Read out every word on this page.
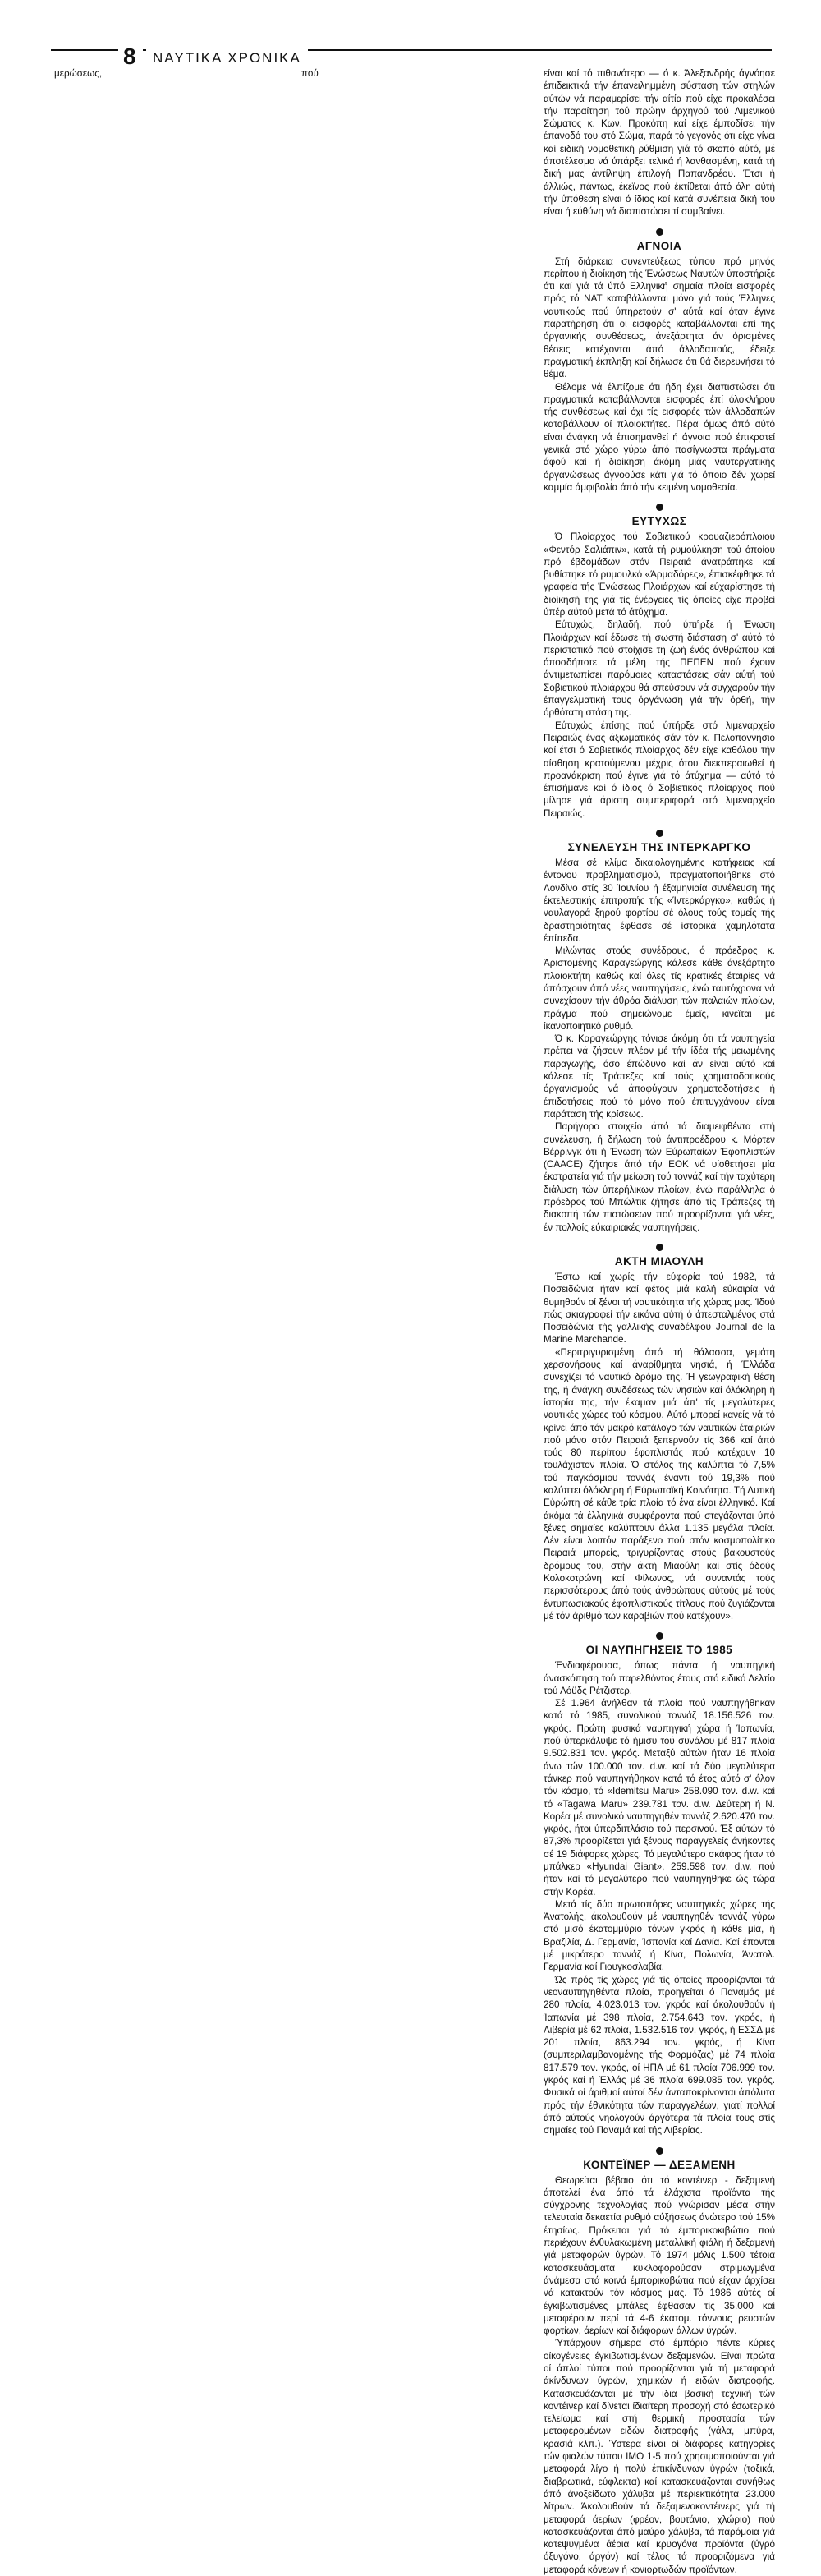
8	ΝΑΥΤΙΚΑ ΧΡΟΝΙΚΑ

μερώσεως,	πού	είναι καί τό πιθανότερο — ό κ. Άλεξανδρής άγνόησε έπιδεικτικά τήν έπανειλημμένη σύσταση τών στηλών αύτών νά παραμερίσει τήν αίτία πού είχε προκαλέσει τήν παραίτηση τού πρώην άρχηγού τού Λιμενικού Σώματος κ. Κων. Προκόπη καί είχε έμποδίσει τήν έπανοδό του στό Σώμα, παρά τό γεγονός ότι είχε γίνει καί ειδική νομοθετική ρύθμιση γιά τό σκοπό αύτό, μέ άποτέλεσμα νά ύπάρξει τελικά ή λανθασμένη, κατά τή δική μας άντίληψη έπιλογή Παπανδρέου. Έτσι ή άλλιώς, πάντως, έκεϊνος πού έκτίθεται άπό όλη αύτή τήν ύπόθεση είναι ό ίδιος καί κατά συνέπεια δική του είναι ή εύθύνη νά διαπιστώσει τί συμβαίνει.

ΑΓΝΟΙΑ

Στή διάρκεια συνεντεύξεως τύπου πρό μηνός περίπου ή διοίκηση τής Ένώσεως Ναυτών ύποστήριξε ότι καί γιά τά ύπό Ελληνική σημαία πλοία εισφορές πρός τό ΝΑΤ καταβάλλονται μόνο γιά τούς Έλληνες ναυτικούς πού ύπηρετούν σ' αύτά καί όταν έγινε παρατήρηση ότι οί εισφορές καταβάλλονται έπί τής όργανικής συνθέσεως, άνεξάρτητα άν όρισμένες θέσεις κατέχονται άπό άλλοδαπούς, έδειξε πραγματική έκπληξη καί δήλωσε ότι θά διερευνήσει τό θέμα.

Θέλομε νά έλπίζομε ότι ήδη έχει διαπιστώσει ότι πραγματικά καταβάλλονται εισφορές έπί όλοκλήρου τής συνθέσεως καί όχι τίς εισφορές τών άλλοδαπών καταβάλλουν οί πλοιοκτήτες. Πέρα όμως άπό αύτό είναι άνάγκη νά έπισημανθεί ή άγνοια πού έπικρατεί γενικά στό χώρο γύρω άπό πασίγνωστα πράγματα άφού καί ή διοίκηση άκόμη μιάς ναυτεργατικής όργανώσεως άγνοούσε κάτι γιά τό όποιο δέν χωρεί καμμία άμφιβολία άπό τήν κειμένη νομοθεσία.

ΕΥΤΥΧΩΣ

Ό Πλοίαρχος τού Σοβιετικού κρουαζιερόπλοιου «Φεντόρ Σαλιάπιν», κατά τή ρυμούλκηση τού όποίου πρό έβδομάδων στόν Πειραιά άνατράπηκε καί βυθίστηκε τό ρυμουλκό «Άρμαδόρες», έπισκέφθηκε τά γραφεία τής Ένώσεως Πλοιάρχων καί εύχαρίστησε τή διοίκησή της γιά τίς ένέργειες τίς όποίες είχε προβεί ύπέρ αύτού μετά τό άτύχημα.

Εύτυχώς, δηλαδή, πού ύπήρξε ή Ένωση Πλοιάρχων καί έδωσε τή σωστή διάσταση σ' αύτό τό περιστατικό πού στοίχισε τή ζωή ένός άνθρώπου καί όποσδήποτε τά μέλη τής ΠΕΠΕΝ πού έχουν άντιμετωπίσει παρόμοιες καταστάσεις σάν αύτή τού Σοβιετικού πλοιάρχου θά σπεύσουν νά συγχαρούν τήν έπαγγελματική τους όργάνωση γιά τήν όρθή, τήν όρθότατη στάση της.

Εύτυχώς έπίσης πού ύπήρξε στό λιμεναρχείο Πειραιώς ένας άξιωματικός σάν τόν κ. Πελοποννήσιο καί έτσι ό Σοβιετικός πλοίαρχος δέν είχε καθόλου τήν αίσθηση κρατούμενου μέχρις ότου διεκπεραιωθεί ή προανάκριση πού έγινε γιά τό άτύχημα — αύτό τό έπισήμανε καί ό ίδιος ό Σοβιετικός πλοίαρχος πού μίλησε γιά άριστη συμπεριφορά στό λιμεναρχείο Πειραιώς.

ΣΥΝΕΛΕΥΣΗ ΤΗΣ ΙΝΤΕΡΚΑΡΓΚΟ

Μέσα σέ κλίμα δικαιολογημένης κατήφειας καί έντονου προβληματισμού, πραγματοποιήθηκε στό Λονδίνο στίς 30 Ίουνίου ή έξαμηνιαία συνέλευση τής έκτελεστικής έπιτροπής τής «Ίντερκάργκο», καθώς ή ναυλαγορά ξηρού φορτίου σέ όλους τούς τομείς τής δραστηριότητας έφθασε σέ ίστορικά χαμηλότατα έπίπεδα.

Μιλώντας στούς συνέδρους, ό πρόεδρος κ. Άριστομένης Καραγεώργης κάλεσε κάθε άνεξάρτητο πλοιοκτήτη καθώς καί όλες τίς κρατικές έταιρίες νά άπόσχουν άπό νέες ναυπηγήσεις, ένώ ταυτόχρονα νά συνεχίσουν τήν άθρόα διάλυση τών παλαιών πλοίων, πράγμα πού σημειώνομε έμεϊς, κινεϊται μέ ίκανοποιητικό ρυθμό.

Ό κ. Καραγεώργης τόνισε άκόμη ότι τά ναυπηγεία πρέπει νά ζήσουν πλέον μέ τήν ίδέα τής μειωμένης παραγωγής, όσο έπώδυνο καί άν είναι αύτό καί κάλεσε τίς Τράπεζες καί τούς χρηματοδοτικούς όργανισμούς νά άποφύγουν χρηματοδοτήσεις ή έπιδοτήσεις πού τό μόνο πού έπιτυγχάνουν είναι παράταση τής κρίσεως.

Παρήγορο στοιχείο άπό τά διαμειφθέντα στή συνέλευση, ή δήλωση τού άντιπροέδρου κ. Μόρτεν Βέρρινγκ ότι ή Ένωση τών Εύρωπαίων Έφοπλιστών (CAACE) ζήτησε άπό τήν ΕΟΚ νά υίοθετήσει μία έκστρατεία γιά τήν μείωση τού τοννάζ καί τήν ταχύτερη διάλυση τών ύπερήλικων πλοίων, ένώ παράλληλα ό πρόεδρος τού Μπώλτικ ζήτησε άπό τίς Τράπεζες τή διακοπή τών πιστώσεων πού προορίζονται γιά νέες, έν πολλοίς εύκαιριακές ναυπηγήσεις.

ΑΚΤΗ ΜΙΑΟΥΛΗ

Έστω καί χωρίς τήν εύφορία τού 1982, τά Ποσειδώνια ήταν καί φέτος μιά καλή εύκαιρία νά θυμηθούν οί ξένοι τή ναυτικότητα τής χώρας μας. Ίδού πώς σκιαγραφεί τήν εικόνα αύτή ό άπεσταλμένος στά Ποσειδώνια τής γαλλικής συναδέλφου Journal de la Marine Marchande.

«Περιτριγυρισμένη άπό τή θάλασσα, γεμάτη χερσονήσους καί άναρίθμητα νησιά, ή Έλλάδα συνεχίζει τό ναυτικό δρόμο της. Ή γεωγραφική θέση της, ή άνάγκη συνδέσεως τών νησιών καί όλόκληρη ή ίστορία της, τήν έκαμαν μιά άπ' τίς μεγαλύτερες ναυτικές χώρες τού κόσμου. Αύτό μπορεί κανείς νά τό κρίνει άπό τόν μακρό κατάλογο τών ναυτικών έταιριών πού μόνο στόν Πειραιά ξεπερνούν τίς 366 καί άπό τούς 80 περίπου έφοπλιστάς πού κατέχουν 10 τουλάχιστον πλοία. Ό στόλος της καλύπτει τό 7,5% τού παγκόσμιου τοννάζ έναντι τού 19,3% πού καλύπτει όλόκληρη ή Εύρωπαϊκή Κοινότητα. Τή Δυτική Εύρώπη σέ κάθε τρία πλοία τό ένα είναι έλληνικό. Καί άκόμα τά έλληνικά συμφέροντα πού στεγάζονται ύπό ξένες σημαίες καλύπτουν άλλα 1.135 μεγάλα πλοία. Δέν είναι λοιπόν παράξενο πού στόν κοσμοπολίτικο Πειραιά μπορείς, τριγυρίζοντας στούς βακουστούς δρόμους του, στήν άκτή Μιαούλη καί στίς όδούς Κολοκοτρώνη καί Φίλωνος, νά συναντάς τούς περισσότερους άπό τούς άνθρώπους αύτούς μέ τούς έντυπωσιακούς έφοπλιστικούς τίτλους πού ζυγιάζονται μέ τόν άριθμό τών καραβιών πού κατέχουν».

ΟΙ ΝΑΥΠΗΓΗΣΕΙΣ ΤΟ 1985

Ένδιαφέρουσα, όπως πάντα ή ναυπηγική άνασκόπηση τού παρελθόντος έτους στό ειδικό Δελτίο τού Λόϋδς Ρέτζιστερ.

Σέ 1.964 άνήλθαν τά πλοία πού ναυπηγήθηκαν κατά τό 1985, συνολικού τοννάζ 18.156.526 τον. γκρός. Πρώτη φυσικά ναυπηγική χώρα ή Ίαπωνία, πού ύπερκάλυψε τό ήμισυ τού συνόλου μέ 817 πλοία 9.502.831 τον. γκρός. Μεταξύ αύτών ήταν 16 πλοία άνω τών 100.000 τον. d.w. καί τά δύο μεγαλύτερα τάνκερ πού ναυπηγήθηκαν κατά τό έτος αύτό σ' όλον τόν κόσμο, τό «Idemitsu Maru» 258.090 τον. d.w. καί τό «Tagawa Maru» 239.781 τον. d.w. Δεύτερη ή Ν. Κορέα μέ συνολικό ναυπηγηθέν τοννάζ 2.620.470 τον. γκρός, ήτοι ύπερδιπλάσιο τού περσινού. Έξ αύτών τό 87,3% προορίζεται γιά ξένους παραγγελείς άνήκοντες σέ 19 διάφορες χώρες. Τό μεγαλύτερο σκάφος ήταν τό μπάλκερ «Hyundai Giant», 259.598 τον. d.w. πού ήταν καί τό μεγαλύτερο πού ναυπηγήθηκε ώς τώρα στήν Κορέα.

Μετά τίς δύο πρωτοπόρες ναυπηγικές χώρες τής Άνατολής, άκολουθούν μέ ναυπηγηθέν τοννάζ γύρω στό μισό έκατομμύριο τόνων γκρός ή κάθε μία, ή Βραζιλία, Δ. Γερμανία, Ίσπανία καί Δανία. Καί έπονται μέ μικρότερο τοννάζ ή Κίνα, Πολωνία, Άνατολ. Γερμανία καί Γιουγκοσλαβία.

Ώς πρός τίς χώρες γιά τίς όποίες προορίζονται τά νεοναυπηγηθέντα πλοία, προηγείται ό Παναμάς μέ 280 πλοία, 4.023.013 τον. γκρός καί άκολουθούν ή Ίαπωνία μέ 398 πλοία, 2.754.643 τον. γκρός, ή Λιβερία μέ 62 πλοία, 1.532.516 τον. γκρός, ή ΕΣΣΔ μέ 201 πλοία, 863.294 τον. γκρός, ή Κίνα (συμπεριλαμβανομένης τής Φορμόζας) μέ 74 πλοία 817.579 τον. γκρός, οί ΗΠΑ μέ 61 πλοία 706.999 τον. γκρός καί ή Έλλάς μέ 36 πλοία 699.085 τον. γκρός. Φυσικά οί άριθμοί αύτοί δέν άνταποκρίνονται άπόλυτα πρός τήν έθνικότητα τών παραγγελέων, γιατί πολλοί άπό αύτούς νηολογούν άργότερα τά πλοία τους στίς σημαίες τού Παναμά καί τής Λιβερίας.

ΚΟΝΤΕΪΝΕΡ — ΔΕΞΑΜΕΝΗ

Θεωρείται βέβαιο ότι τό κοντέινερ - δεξαμενή άποτελεί ένα άπό τά έλάχιστα προϊόντα τής σύγχρονης τεχνολογίας πού γνώρισαν μέσα στήν τελευταία δεκαετία ρυθμό αύξήσεως άνώτερο τού 15% έτησίως. Πρόκειται γιά τό έμπορικοκιβώτιο πού περιέχουν ένθυλακωμένη μεταλλική φιάλη ή δεξαμενή γιά μεταφορών ύγρών. Τό 1974 μόλις 1.500 τέτοια κατασκευάσματα κυκλοφορούσαν στριμωγμένα άνάμεσα στά κοινά έμπορικοβώτια πού είχαν άρχίσει νά κατακτούν τόν κόσμος μας. Τό 1986 αύτές οί έγκιβωτισμένες μπάλες έφθασαν τίς 35.000 καί μεταφέρουν περί τά 4-6 έκατομ. τόννους ρευστών φορτίων, άερίων καί διάφορων άλλων ύγρών.

Ύπάρχουν σήμερα στό έμπόριο πέντε κύριες οίκογένειες έγκιβωτισμένων δεξαμενών. Είναι πρώτα οί άπλοί τύποι πού προορίζονται γιά τή μεταφορά άκίνδυνων ύγρών, χημικών ή ειδών διατροφής. Κατασκευάζονται μέ τήν ίδια βασική τεχνική τών κοντέινερ καί δίνεται ίδιαίτερη προσοχή στό έσωτερικό τελείωμα καί στή θερμική προστασία τών μεταφερομένων ειδών διατροφής (γάλα, μπύρα, κρασιά κλπ.). Ύστερα είναι οί διάφορες κατηγορίες τών φιαλών τύπου ΙΜΟ 1-5 πού χρησιμοποιούνται γιά μεταφορά λίγο ή πολύ έπικίνδυνων ύγρών (τοξικά, διαβρωτικά, εύφλεκτα) καί κατασκευάζονται συνήθως άπό άνοξείδωτο χάλυβα μέ περιεκτικότητα 23.000 λίτρων. Άκολουθούν τά δεξαμενοκοντέινερς γιά τή μεταφορά άερίων (φρέον, βουτάνιο, χλώριο) πού κατασκευάζονται άπό μαύρο χάλυβα, τά παρόμοια γιά κατεψυγμένα άέρια καί κρυογόνα προϊόντα (ύγρό όξυγόνο, άργόν) καί τέλος τά προοριζόμενα γιά μεταφορά κόνεων ή κονιορτωδών προϊόντων.
